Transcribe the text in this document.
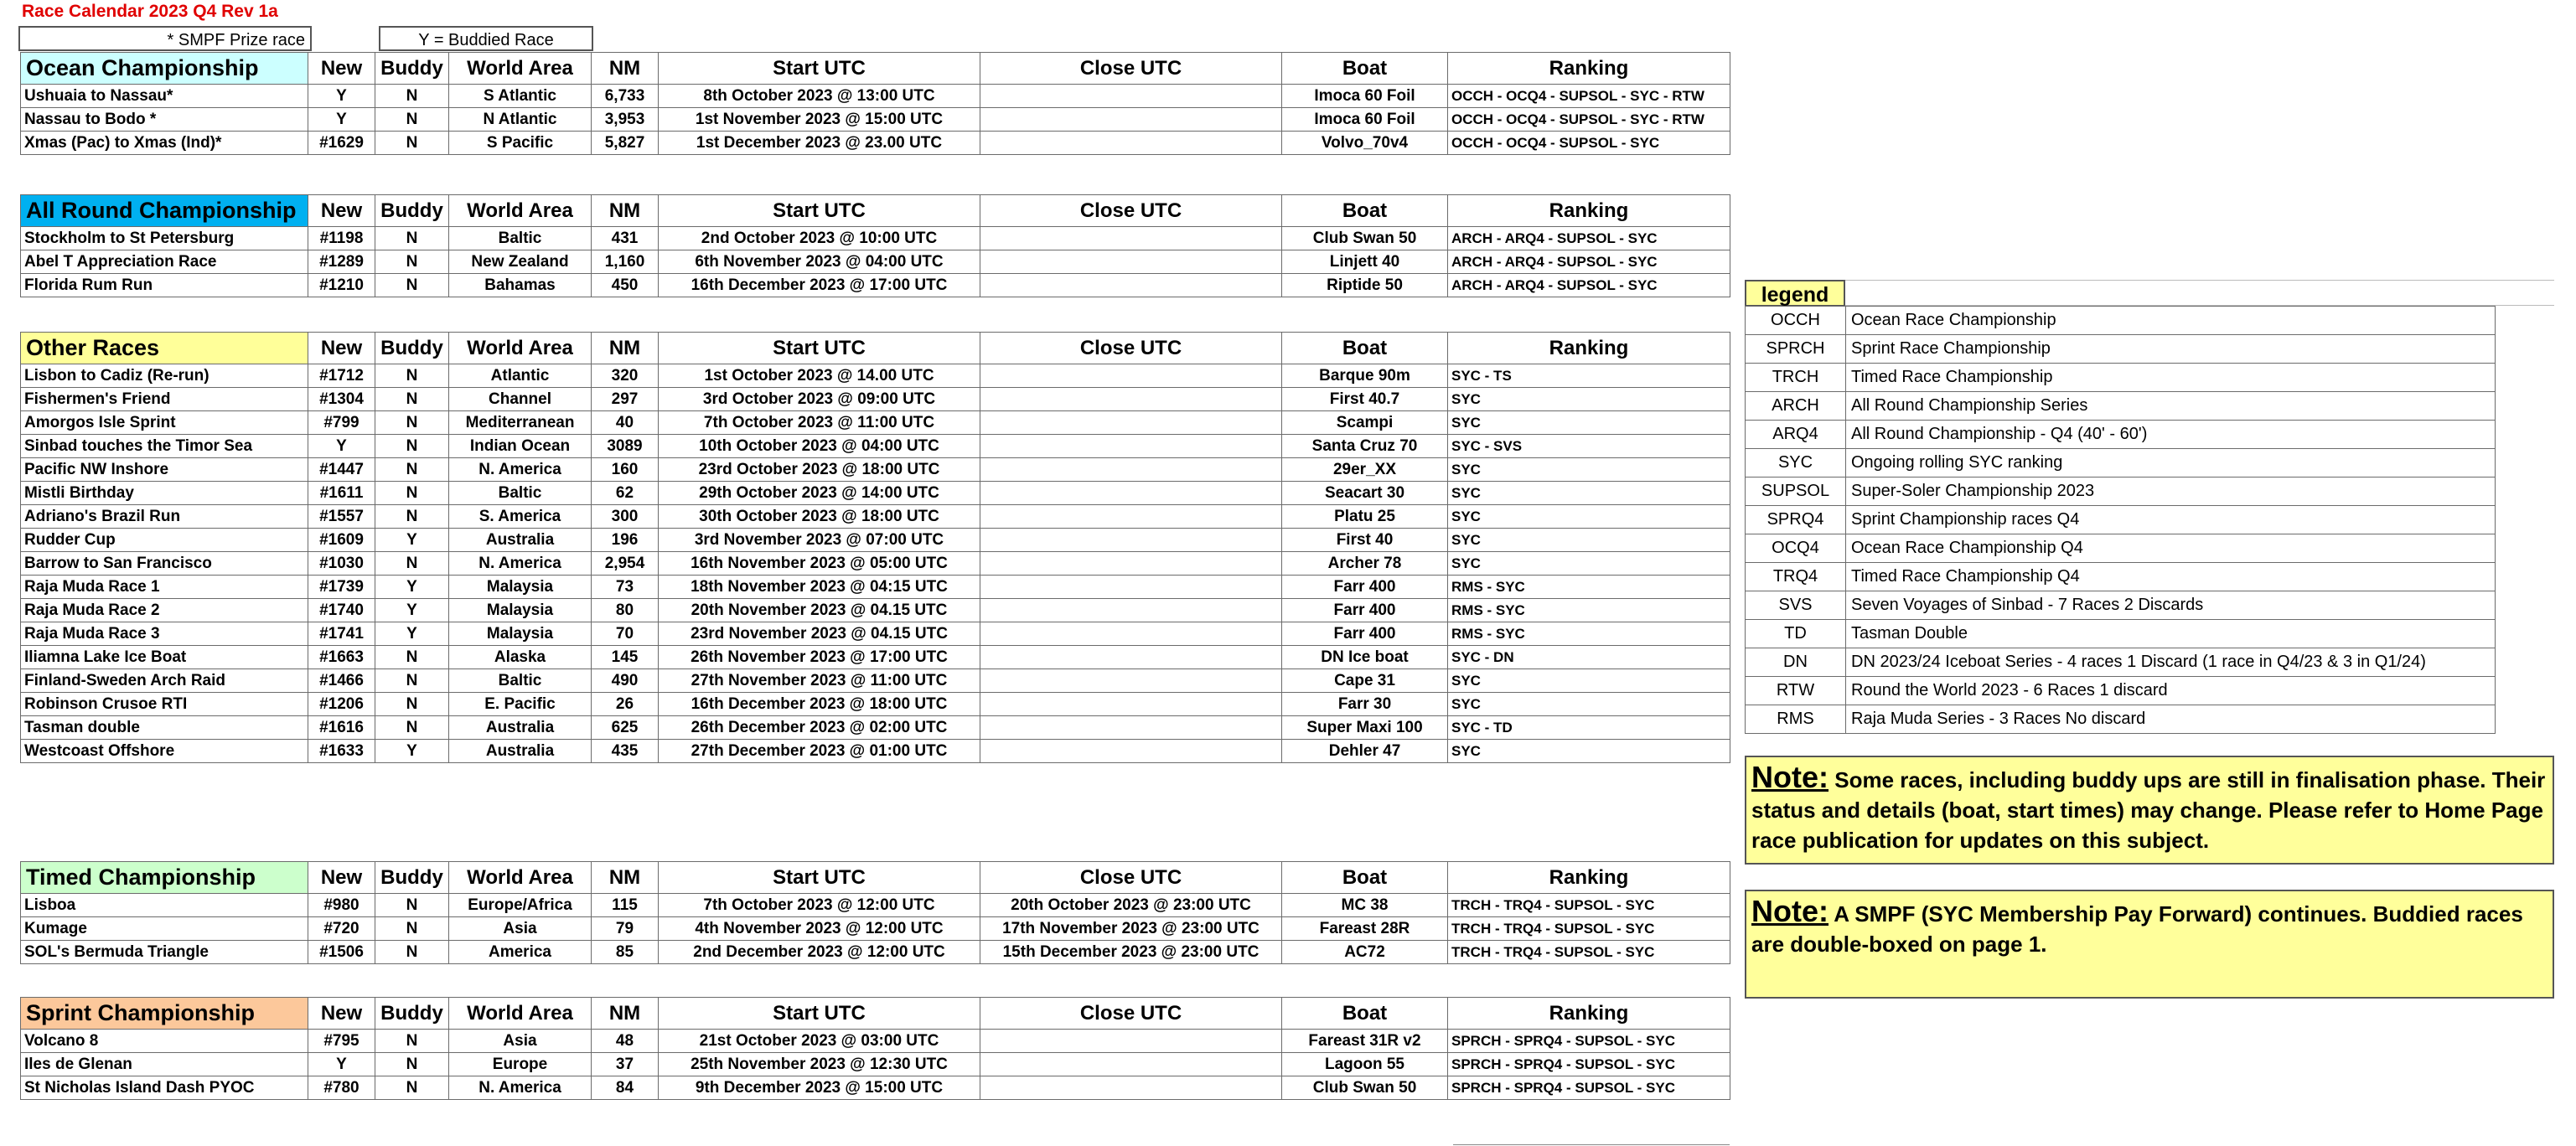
Race Calendar 2023 Q4 Rev 1a
* SMPF Prize race	Y = Buddied Race
Ocean Championship	New	Buddy	World Area	NM	Start UTC	Close UTC	Boat	Ranking
Ushuaia to Nassau*	Y	N	S Atlantic	6,733	8th October 2023 @ 13:00 UTC		Imoca 60 Foil	OCCH - OCQ4 - SUPSOL - SYC - RTW
Nassau to Bodo *	Y	N	N Atlantic	3,953	1st November 2023 @ 15:00 UTC		Imoca 60 Foil	OCCH - OCQ4 - SUPSOL - SYC - RTW
Xmas (Pac) to Xmas (Ind)*	#1629	N	S Pacific	5,827	1st December 2023 @ 23.00 UTC		Volvo_70v4	OCCH - OCQ4 - SUPSOL - SYC
All Round Championship	New	Buddy	World Area	NM	Start UTC	Close UTC	Boat	Ranking
Stockholm to St Petersburg	#1198	N	Baltic	431	2nd October 2023 @ 10:00 UTC		Club Swan 50	ARCH - ARQ4 - SUPSOL - SYC
Abel T Appreciation Race	#1289	N	New Zealand	1,160	6th November 2023 @ 04:00 UTC		Linjett 40	ARCH - ARQ4 - SUPSOL - SYC
Florida Rum Run	#1210	N	Bahamas	450	16th December 2023 @ 17:00 UTC		Riptide 50	ARCH - ARQ4 - SUPSOL - SYC
Other Races	New	Buddy	World Area	NM	Start UTC	Close UTC	Boat	Ranking
Lisbon to Cadiz (Re-run)	#1712	N	Atlantic	320	1st October 2023 @ 14.00 UTC		Barque 90m	SYC - TS
Fishermen's Friend	#1304	N	Channel	297	3rd October 2023 @ 09:00 UTC		First 40.7	SYC
Amorgos Isle Sprint	#799	N	Mediterranean	40	7th October 2023 @ 11:00 UTC		Scampi	SYC
Sinbad touches the Timor Sea	Y	N	Indian Ocean	3089	10th October 2023 @ 04:00 UTC		Santa Cruz 70	SYC - SVS
Pacific NW Inshore	#1447	N	N. America	160	23rd October 2023 @ 18:00 UTC		29er_XX	SYC
Mistli Birthday	#1611	N	Baltic	62	29th October 2023 @ 14:00 UTC		Seacart 30	SYC
Adriano's Brazil Run	#1557	N	S. America	300	30th October 2023 @ 18:00 UTC		Platu 25	SYC
Rudder Cup	#1609	Y	Australia	196	3rd November 2023 @ 07:00 UTC		First 40	SYC
Barrow to San Francisco	#1030	N	N. America	2,954	16th November 2023 @ 05:00 UTC		Archer 78	SYC
Raja Muda Race 1	#1739	Y	Malaysia	73	18th November 2023 @ 04:15 UTC		Farr 400	RMS - SYC
Raja Muda Race 2	#1740	Y	Malaysia	80	20th November 2023 @ 04.15 UTC		Farr 400	RMS - SYC
Raja Muda Race 3	#1741	Y	Malaysia	70	23rd November 2023 @ 04.15 UTC		Farr 400	RMS - SYC
Iliamna Lake Ice Boat	#1663	N	Alaska	145	26th November 2023 @ 17:00 UTC		DN Ice boat	SYC - DN
Finland-Sweden Arch Raid	#1466	N	Baltic	490	27th November 2023 @ 11:00 UTC		Cape 31	SYC
Robinson Crusoe RTI	#1206	N	E. Pacific	26	16th December 2023 @ 18:00 UTC		Farr 30	SYC
Tasman double	#1616	N	Australia	625	26th December 2023 @ 02:00 UTC		Super Maxi 100	SYC - TD
Westcoast Offshore	#1633	Y	Australia	435	27th December 2023 @ 01:00 UTC		Dehler 47	SYC
Timed Championship	New	Buddy	World Area	NM	Start UTC	Close UTC	Boat	Ranking
Lisboa	#980	N	Europe/Africa	115	7th October 2023 @ 12:00 UTC	20th October 2023 @ 23:00 UTC	MC 38	TRCH - TRQ4 - SUPSOL - SYC
Kumage	#720	N	Asia	79	4th November 2023 @ 12:00 UTC	17th November 2023 @ 23:00 UTC	Fareast 28R	TRCH - TRQ4 - SUPSOL - SYC
SOL's Bermuda Triangle	#1506	N	America	85	2nd December 2023 @ 12:00 UTC	15th December 2023 @ 23:00 UTC	AC72	TRCH - TRQ4 - SUPSOL - SYC
Sprint Championship	New	Buddy	World Area	NM	Start UTC	Close UTC	Boat	Ranking
Volcano 8	#795	N	Asia	48	21st October 2023 @ 03:00 UTC		Fareast 31R v2	SPRCH - SPRQ4 - SUPSOL - SYC
Iles de Glenan	Y	N	Europe	37	25th November 2023 @ 12:30 UTC		Lagoon 55	SPRCH - SPRQ4 - SUPSOL - SYC
St Nicholas Island Dash PYOC	#780	N	N. America	84	9th December 2023 @ 15:00 UTC		Club Swan 50	SPRCH - SPRQ4 - SUPSOL - SYC
legend
OCCH	Ocean Race Championship
SPRCH	Sprint Race Championship
TRCH	Timed Race Championship
ARCH	All Round Championship Series
ARQ4	All Round Championship - Q4 (40' - 60')
SYC	Ongoing rolling SYC ranking
SUPSOL	Super-Soler Championship 2023
SPRQ4	Sprint Championship races Q4
OCQ4	Ocean Race Championship Q4
TRQ4	Timed Race Championship Q4
SVS	Seven Voyages of Sinbad - 7 Races 2 Discards
TD	Tasman Double
DN	DN 2023/24 Iceboat Series - 4 races 1 Discard (1 race in Q4/23 & 3 in Q1/24)
RTW	Round the World 2023 - 6 Races 1 discard
RMS	Raja Muda Series - 3 Races No discard
Note: Some races, including buddy ups are still in finalisation phase. Their status and details (boat, start times) may change. Please refer to Home Page race publication for updates on this subject.
Note: A SMPF (SYC Membership Pay Forward) continues. Buddied races are double-boxed on page 1.
